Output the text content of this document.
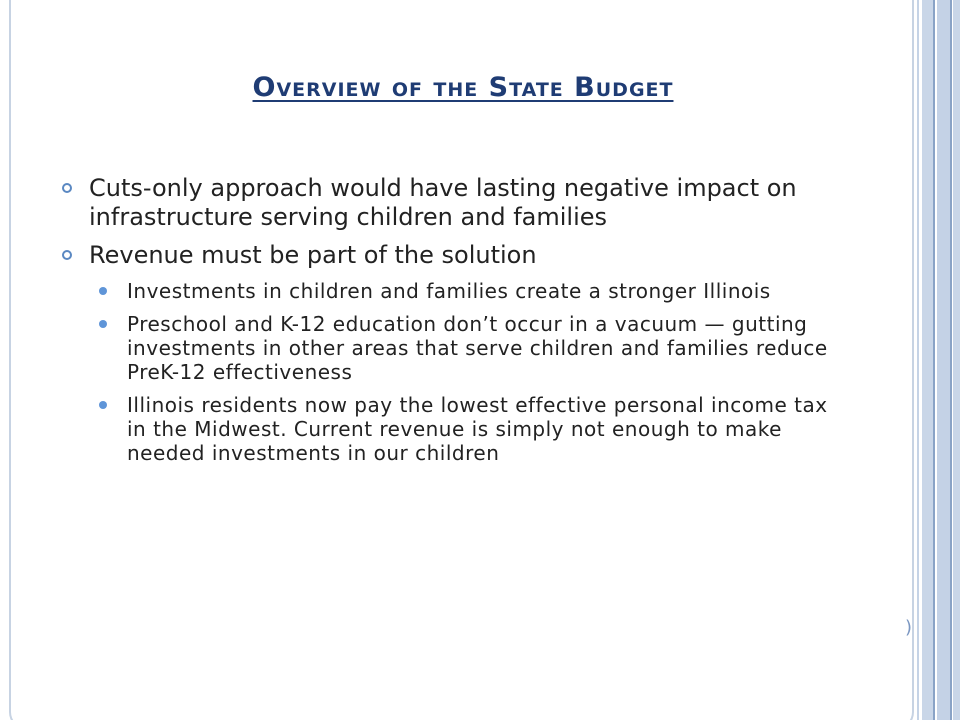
Overview of the State Budget
Cuts-only approach would have lasting negative impact on infrastructure serving children and families
Revenue must be part of the solution
Investments in children and families create a stronger Illinois
Preschool and K-12 education don’t occur in a vacuum — gutting investments in other areas that serve children and families reduce PreK-12 effectiveness
Illinois residents now pay the lowest effective personal income tax in the Midwest. Current revenue is simply not enough to make needed investments in our children
)
